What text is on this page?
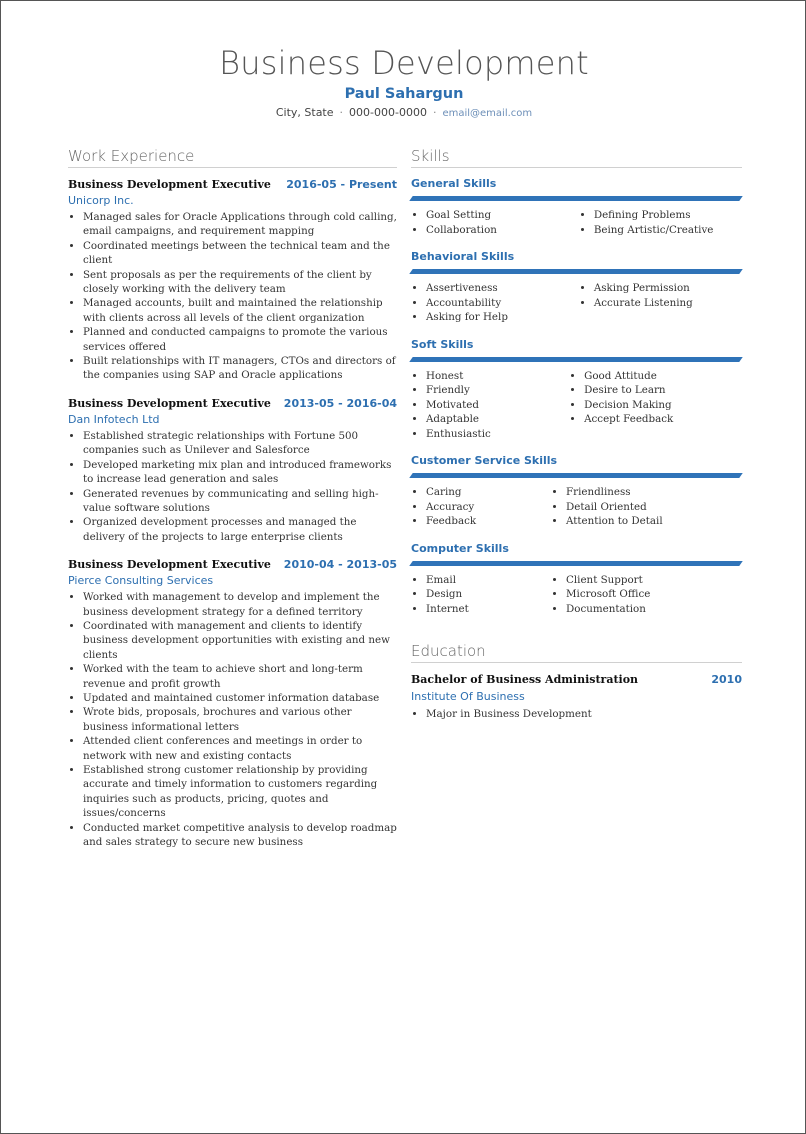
Business Development
Paul Sahargun
City, State · 000-000-0000 · email@email.com
Work Experience
Business Development Executive 2016-05 - Present
Unicorp Inc.
• Managed sales for Oracle Applications through cold calling, email campaigns, and requirement mapping
• Coordinated meetings between the technical team and the client
• Sent proposals as per the requirements of the client by closely working with the delivery team
• Managed accounts, built and maintained the relationship with clients across all levels of the client organization
• Planned and conducted campaigns to promote the various services offered
• Built relationships with IT managers, CTOs and directors of the companies using SAP and Oracle applications
Business Development Executive 2013-05 - 2016-04
Dan Infotech Ltd
• Established strategic relationships with Fortune 500 companies such as Unilever and Salesforce
• Developed marketing mix plan and introduced frameworks to increase lead generation and sales
• Generated revenues by communicating and selling high-value software solutions
• Organized development processes and managed the delivery of the projects to large enterprise clients
Business Development Executive 2010-04 - 2013-05
Pierce Consulting Services
• Worked with management to develop and implement the business development strategy for a defined territory
• Coordinated with management and clients to identify business development opportunities with existing and new clients
• Worked with the team to achieve short and long-term revenue and profit growth
• Updated and maintained customer information database
• Wrote bids, proposals, brochures and various other business informational letters
• Attended client conferences and meetings in order to network with new and existing contacts
• Established strong customer relationship by providing accurate and timely information to customers regarding inquiries such as products, pricing, quotes and issues/concerns
• Conducted market competitive analysis to develop roadmap and sales strategy to secure new business
Skills
General Skills
• Goal Setting
• Collaboration
• Defining Problems
• Being Artistic/Creative
Behavioral Skills
• Assertiveness
• Accountability
• Asking for Help
• Asking Permission
• Accurate Listening
Soft Skills
• Honest
• Friendly
• Motivated
• Adaptable
• Enthusiastic
• Good Attitude
• Desire to Learn
• Decision Making
• Accept Feedback
Customer Service Skills
• Caring
• Accuracy
• Feedback
• Friendliness
• Detail Oriented
• Attention to Detail
Computer Skills
• Email
• Design
• Internet
• Client Support
• Microsoft Office
• Documentation
Education
Bachelor of Business Administration	2010
Institute Of Business
• Major in Business Development
